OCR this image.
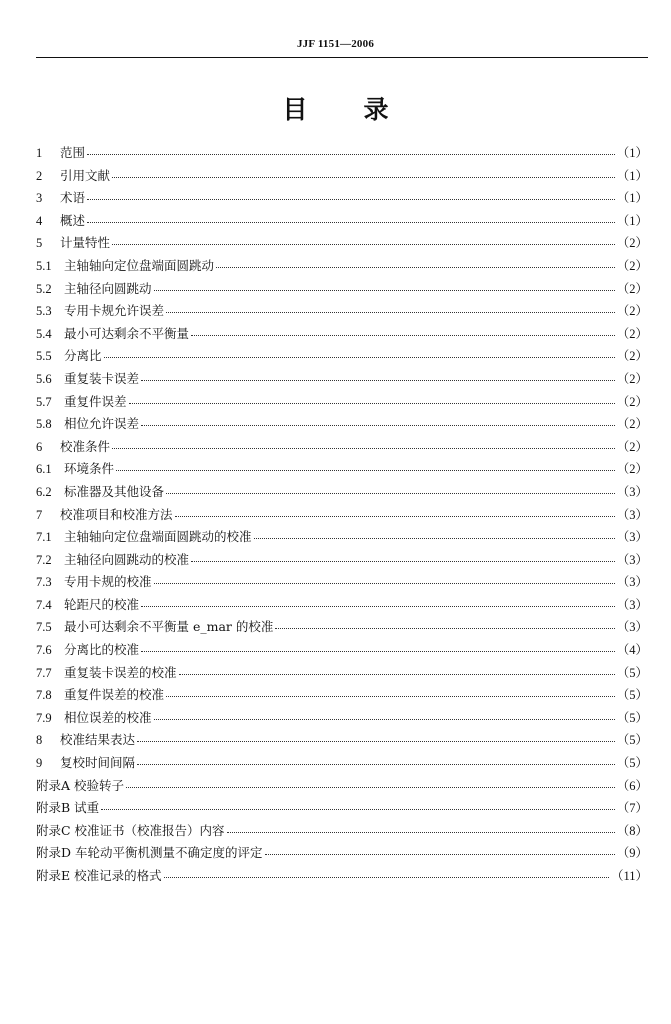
JJF 1151—2006
目 录
1	范围	（1）
2	引用文献	（1）
3	术语	（1）
4	概述	（1）
5	计量特性	（2）
5.1 主轴轴向定位盘端面圆跳动	（2）
5.2 主轴径向圆跳动	（2）
5.3 专用卡规允许误差	（2）
5.4 最小可达剩余不平衡量	（2）
5.5 分离比	（2）
5.6 重复装卡误差	（2）
5.7 重复件误差	（2）
5.8 相位允许误差	（2）
6	校准条件	（2）
6.1 环境条件	（2）
6.2 标准器及其他设备	（3）
7	校准项目和校准方法	（3）
7.1 主轴轴向定位盘端面圆跳动的校准	（3）
7.2 主轴径向圆跳动的校准	（3）
7.3 专用卡规的校准	（3）
7.4 轮距尺的校准	（3）
7.5 最小可达剩余不平衡量 e_mar 的校准	（3）
7.6 分离比的校准	（4）
7.7 重复装卡误差的校准	（5）
7.8 重复件误差的校准	（5）
7.9 相位误差的校准	（5）
8	校准结果表达	（5）
9	复校时间间隔	（5）
附录A 校验转子	（6）
附录B 试重	（7）
附录C 校准证书（校准报告）内容	（8）
附录D 车轮动平衡机测量不确定度的评定	（9）
附录E 校准记录的格式	（11）
